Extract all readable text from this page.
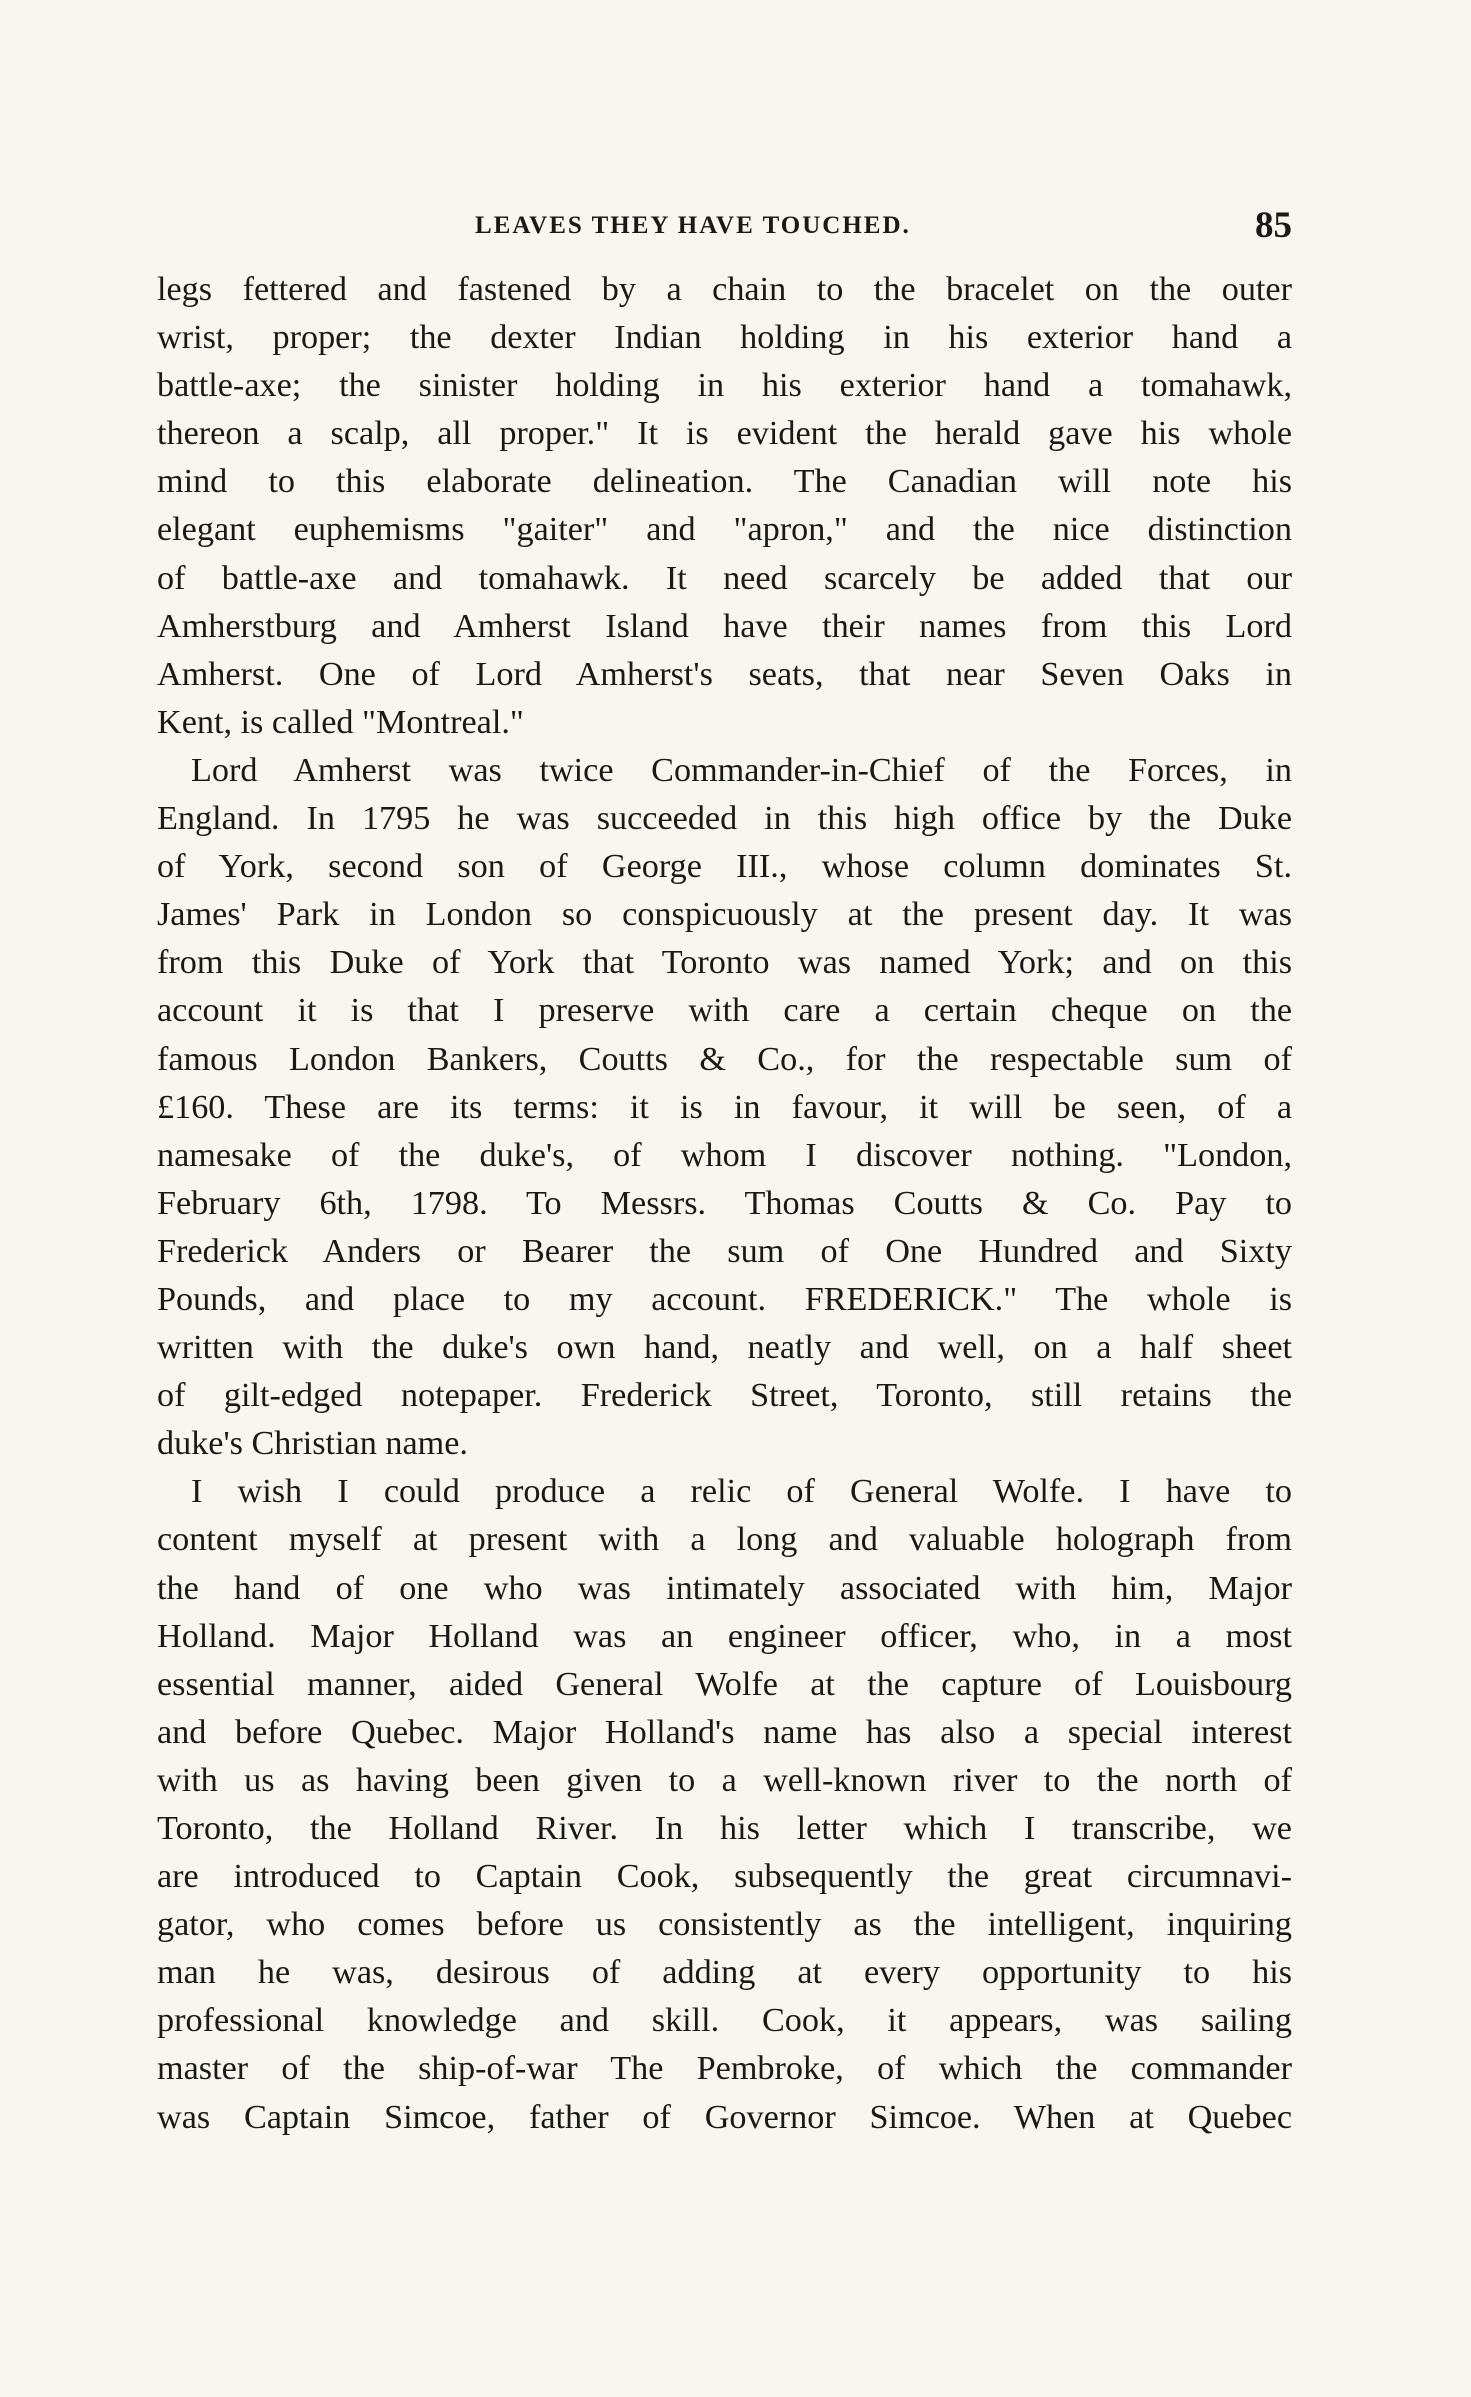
LEAVES THEY HAVE TOUCHED.	85
legs fettered and fastened by a chain to the bracelet on the outer
wrist, proper; the dexter Indian holding in his exterior hand a
battle-axe; the sinister holding in his exterior hand a tomahawk,
thereon a scalp, all proper." It is evident the herald gave his whole
mind to this elaborate delineation. The Canadian will note his
elegant euphemisms "gaiter" and "apron," and the nice distinction
of battle-axe and tomahawk. It need scarcely be added that our
Amherstburg and Amherst Island have their names from this Lord
Amherst. One of Lord Amherst's seats, that near Seven Oaks in
Kent, is called "Montreal."
Lord Amherst was twice Commander-in-Chief of the Forces, in
England. In 1795 he was succeeded in this high office by the Duke
of York, second son of George III., whose column dominates St.
James' Park in London so conspicuously at the present day. It was
from this Duke of York that Toronto was named York; and on this
account it is that I preserve with care a certain cheque on the
famous London Bankers, Coutts & Co., for the respectable sum of
£160. These are its terms: it is in favour, it will be seen, of a
namesake of the duke's, of whom I discover nothing. "London,
February 6th, 1798. To Messrs. Thomas Coutts & Co. Pay to
Frederick Anders or Bearer the sum of One Hundred and Sixty
Pounds, and place to my account. FREDERICK." The whole is
written with the duke's own hand, neatly and well, on a half sheet
of gilt-edged notepaper. Frederick Street, Toronto, still retains the
duke's Christian name.
I wish I could produce a relic of General Wolfe. I have to
content myself at present with a long and valuable holograph from
the hand of one who was intimately associated with him, Major
Holland. Major Holland was an engineer officer, who, in a most
essential manner, aided General Wolfe at the capture of Louisbourg
and before Quebec. Major Holland's name has also a special interest
with us as having been given to a well-known river to the north of
Toronto, the Holland River. In his letter which I transcribe, we
are introduced to Captain Cook, subsequently the great circumnavi-
gator, who comes before us consistently as the intelligent, inquiring
man he was, desirous of adding at every opportunity to his
professional knowledge and skill. Cook, it appears, was sailing
master of the ship-of-war The Pembroke, of which the commander
was Captain Simcoe, father of Governor Simcoe. When at Quebec
